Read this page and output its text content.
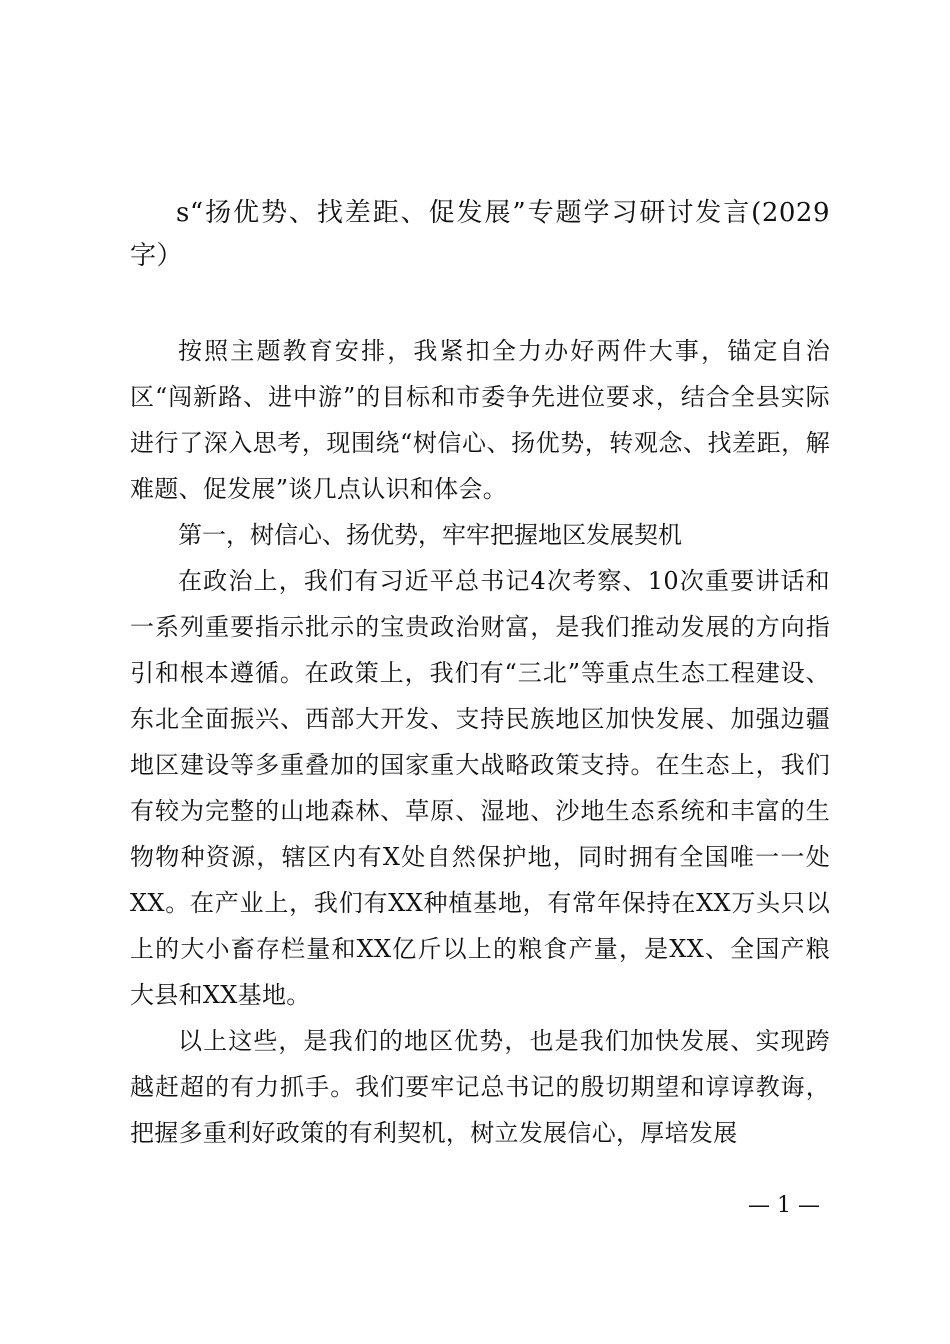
s“扬优势、找差距、促发展”专题学习研讨发言(2029字）

按照主题教育安排，我紧扣全力办好两件大事，锚定自治区“闯新路、进中游”的目标和市委争先进位要求，结合全县实际进行了深入思考，现围绕“树信心、扬优势，转观念、找差距，解难题、促发展”谈几点认识和体会。

第一，树信心、扬优势，牢牢把握地区发展契机

在政治上，我们有习近平总书记4次考察、10次重要讲话和一系列重要指示批示的宝贵政治财富，是我们推动发展的方向指引和根本遵循。在政策上，我们有“三北”等重点生态工程建设、东北全面振兴、西部大开发、支持民族地区加快发展、加强边疆地区建设等多重叠加的国家重大战略政策支持。在生态上，我们有较为完整的山地森林、草原、湿地、沙地生态系统和丰富的生物物种资源，辖区内有X处自然保护地，同时拥有全国唯一一处XX。在产业上，我们有XX种植基地，有常年保持在XX万头只以上的大小畜存栏量和XX亿斤以上的粮食产量，是XX、全国产粮大县和XX基地。

以上这些，是我们的地区优势，也是我们加快发展、实现跨越赶超的有力抓手。我们要牢记总书记的殷切期望和谆谆教诲，把握多重利好政策的有利契机，树立发展信心，厚培发展

— 1 —
